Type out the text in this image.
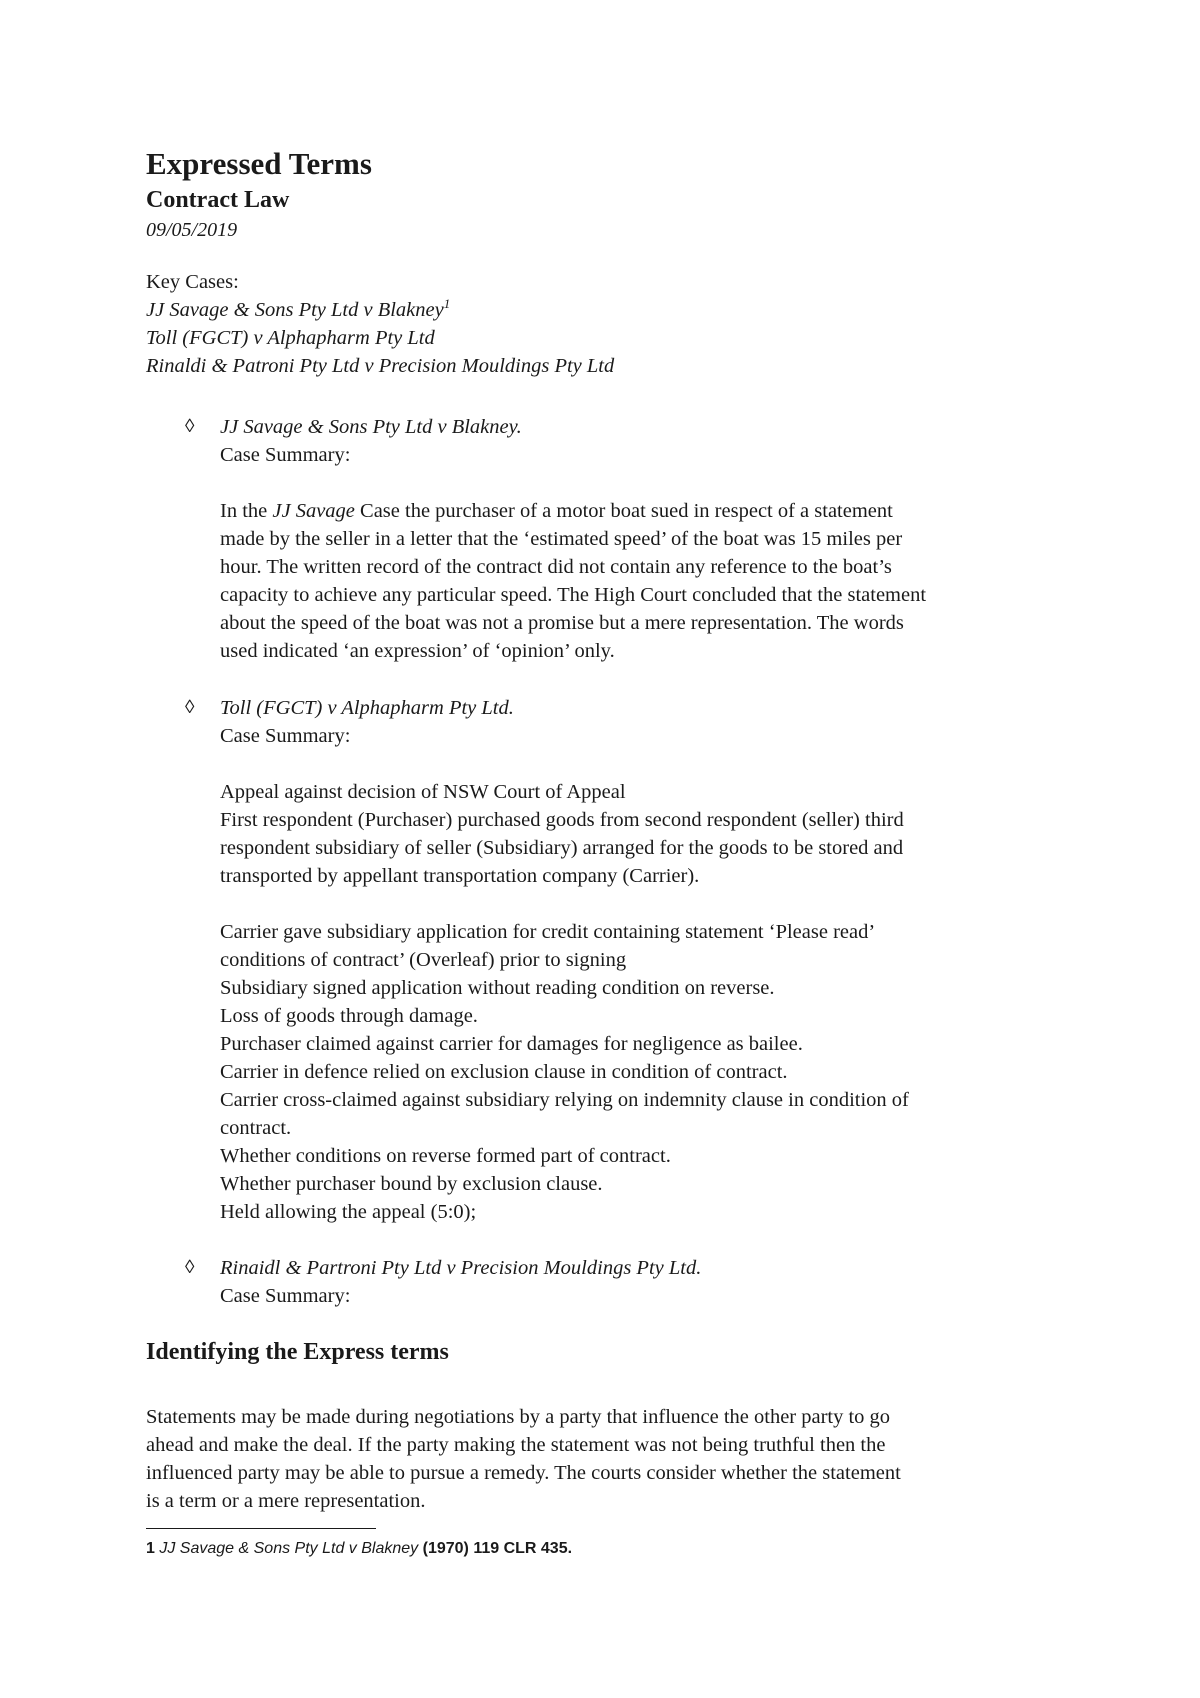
Expressed Terms
Contract Law
09/05/2019
Key Cases:
JJ Savage & Sons Pty Ltd v Blakney$^1$
Toll (FGCT) v Alphapharm Pty Ltd
Rinaldi & Patroni Pty Ltd v Precision Mouldings Pty Ltd
◊ JJ Savage & Sons Pty Ltd v Blakney.
Case Summary:
In the JJ Savage Case the purchaser of a motor boat sued in respect of a statement
made by the seller in a letter that the ‘estimated speed’ of the boat was 15 miles per
hour. The written record of the contract did not contain any reference to the boat’s
capacity to achieve any particular speed. The High Court concluded that the statement
about the speed of the boat was not a promise but a mere representation. The words
used indicated ‘an expression’ of ‘opinion’ only.
◊ Toll (FGCT) v Alphapharm Pty Ltd.
Case Summary:
Appeal against decision of NSW Court of Appeal
First respondent (Purchaser) purchased goods from second respondent (seller) third
respondent subsidiary of seller (Subsidiary) arranged for the goods to be stored and
transported by appellant transportation company (Carrier).
Carrier gave subsidiary application for credit containing statement ‘Please read’
conditions of contract’ (Overleaf) prior to signing
Subsidiary signed application without reading condition on reverse.
Loss of goods through damage.
Purchaser claimed against carrier for damages for negligence as bailee.
Carrier in defence relied on exclusion clause in condition of contract.
Carrier cross-claimed against subsidiary relying on indemnity clause in condition of
contract.
Whether conditions on reverse formed part of contract.
Whether purchaser bound by exclusion clause.
Held allowing the appeal (5:0);
◊ Rinaidl & Partroni Pty Ltd v Precision Mouldings Pty Ltd.
Case Summary:
Identifying the Express terms
Statements may be made during negotiations by a party that influence the other party to go
ahead and make the deal. If the party making the statement was not being truthful then the
influenced party may be able to pursue a remedy. The courts consider whether the statement
is a term or a mere representation.
1 JJ Savage & Sons Pty Ltd v Blakney (1970) 119 CLR 435.
